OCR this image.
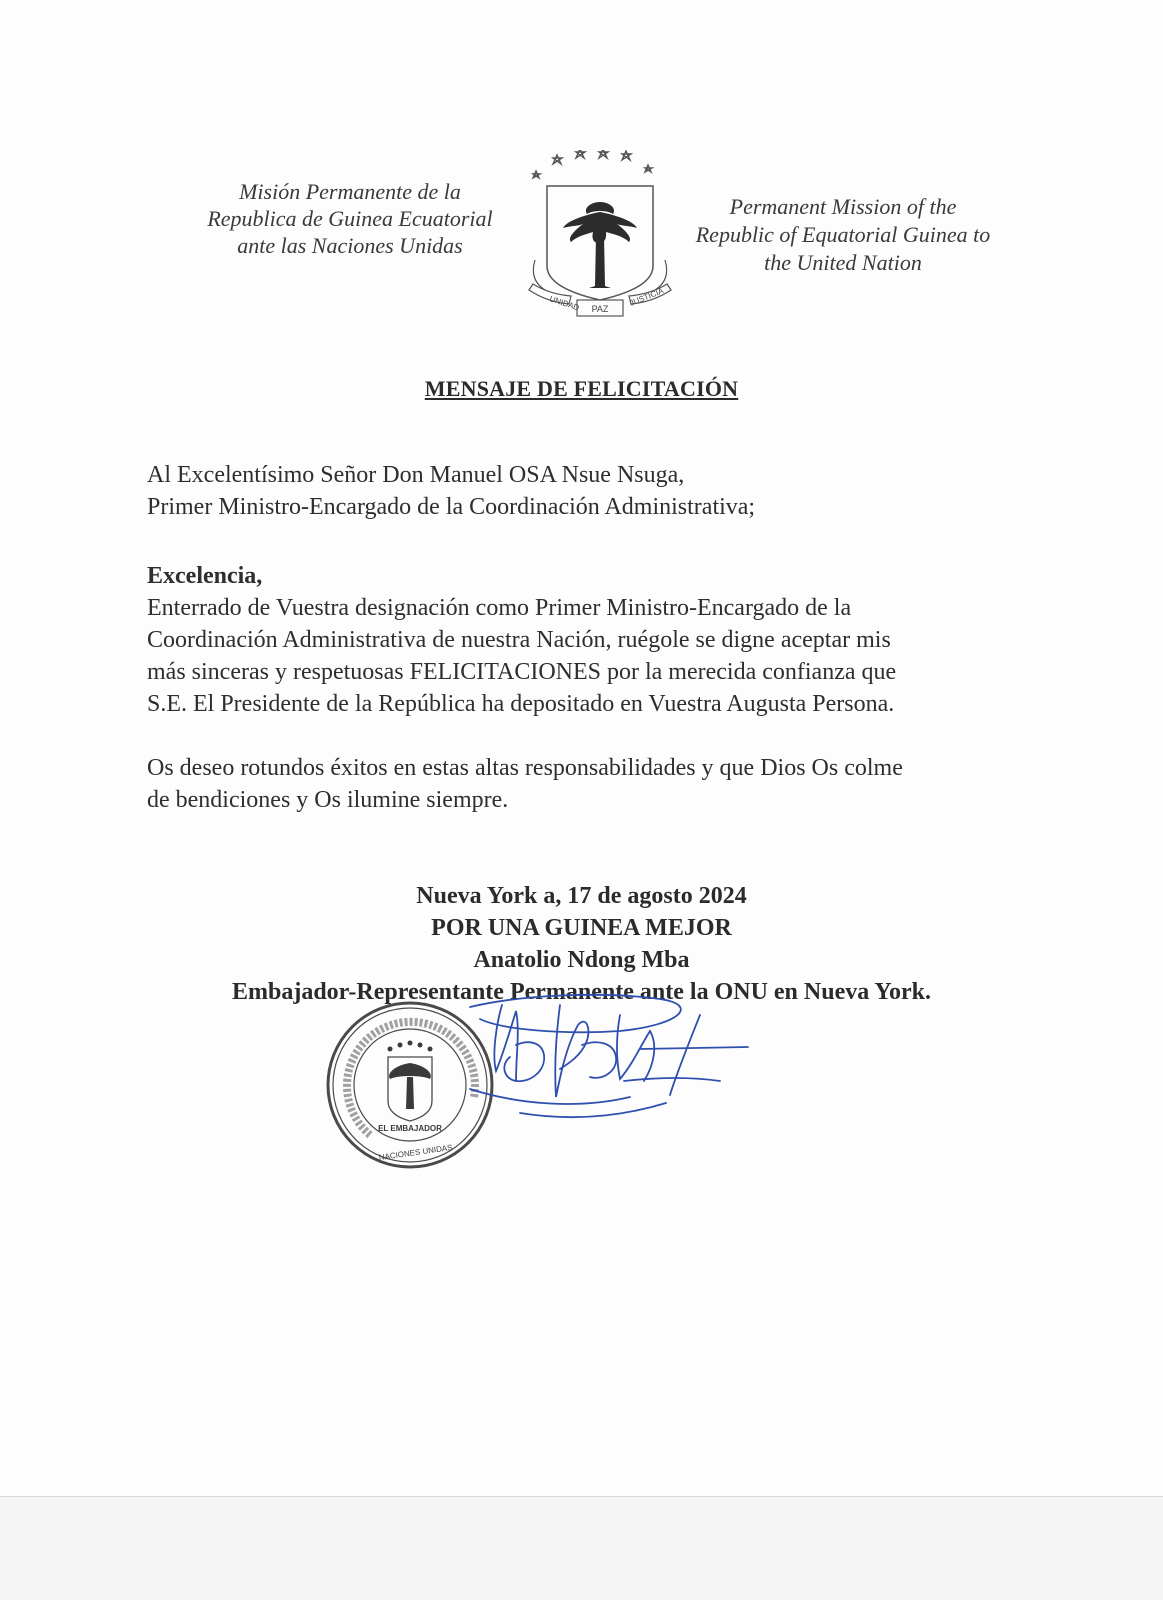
Misión Permanente de la
Republica de Guinea Ecuatorial
ante las Naciones Unidas
UNIDAD PAZ
JUSTICIA
Permanent Mission of the
Republic of Equatorial Guinea to
the United Nation
MENSAJE DE FELICITACIÓN
Al Excelentísimo Señor Don Manuel OSA Nsue Nsuga,
Primer Ministro-Encargado de la Coordinación Administrativa;
Excelencia,
Enterrado de Vuestra designación como Primer Ministro-Encargado de la
Coordinación Administrativa de nuestra Nación, ruégole se digne aceptar mis
más sinceras y respetuosas FELICITACIONES por la merecida confianza que
S.E. El Presidente de la República ha depositado en Vuestra Augusta Persona.
Os deseo rotundos éxitos en estas altas responsabilidades y que Dios Os colme
de bendiciones y Os ilumine siempre.
Nueva York a, 17 de agosto 2024
POR UNA GUINEA MEJOR
Anatolio Ndong Mba
Embajador-Representante Permanente ante la ONU en Nueva York.
EL EMBAJADOR
NACIONES UNIDAS
